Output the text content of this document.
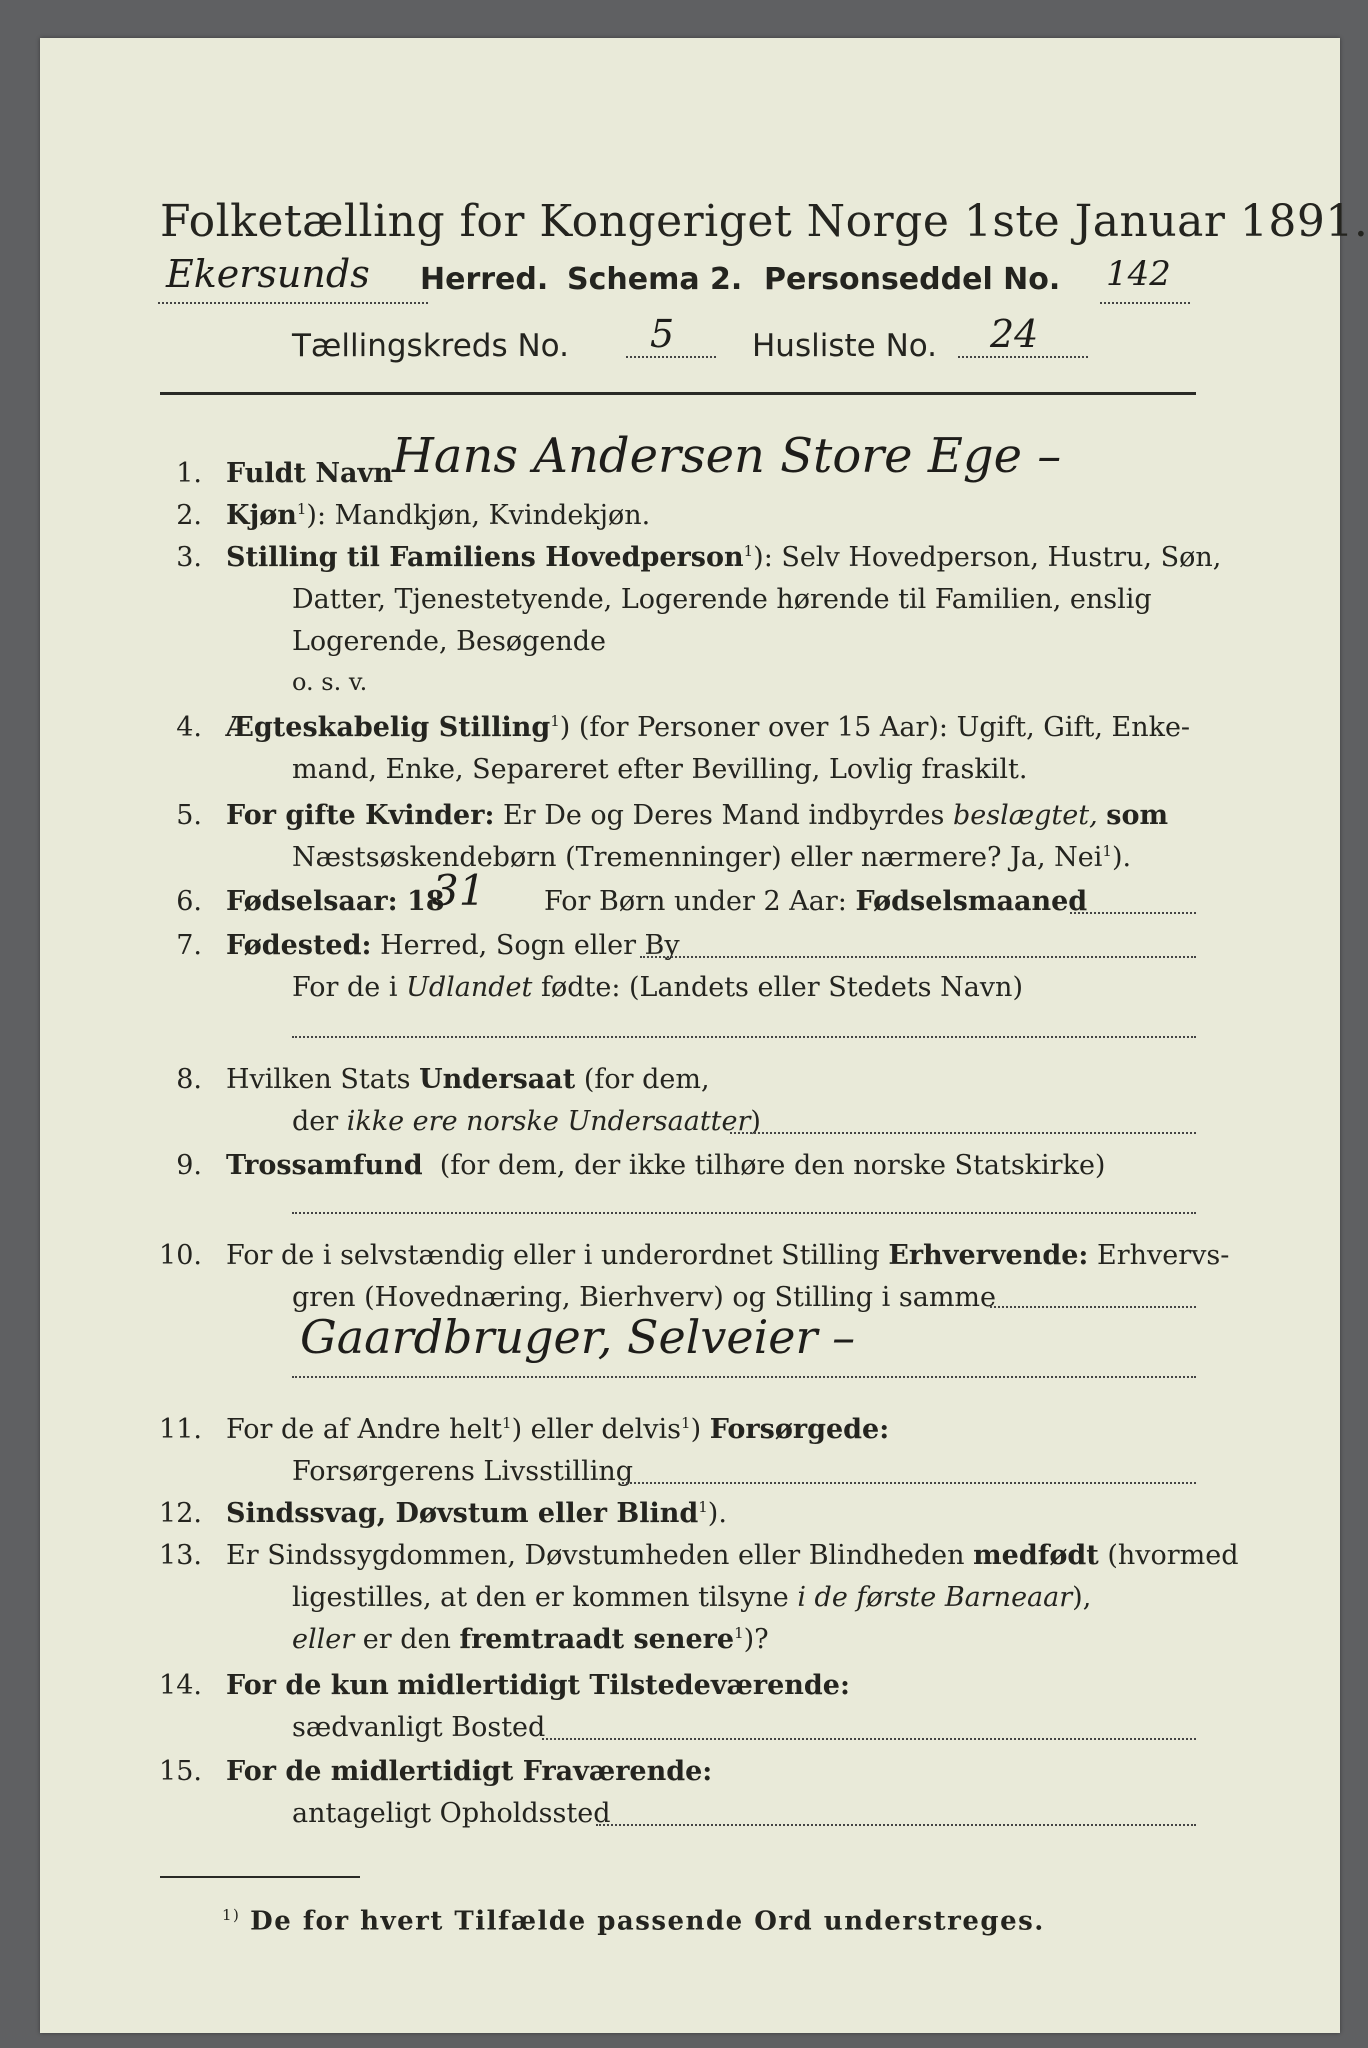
Folketælling for Kongeriget Norge 1ste Januar 1891.
Ekersunds Herred. Schema 2. Personseddel No. 142
Tællingskreds No. 5	Husliste No. 24
1. Fuldt Navn Hans Andersen Store Ege –
2. Kjøn$^1$): Mandkjøn, Kvindekjøn.
3. Stilling til Familiens Hovedperson$^1$): Selv Hovedperson, Hustru, Søn,
Datter, Tjenestetyende, Logerende hørende til Familien, enslig
Logerende, Besøgende
o. s. v.
4. Ægteskabelig Stilling$^1$) (for Personer over 15 Aar): Ugift, Gift, Enke-
mand, Enke, Separeret efter Bevilling, Lovlig fraskilt.
5. For gifte Kvinder: Er De og Deres Mand indbyrdes beslægtet, som
Næstsøskendebørn (Tremenninger) eller nærmere? Ja, Nei$^1$).
6. Fødselsaar: 18
31 For Børn under 2 Aar: Fødselsmaaned
7. Fødested: Herred, Sogn eller By
For de i Udlandet fødte: (Landets eller Stedets Navn)
8. Hvilken Stats Undersaat (for dem,
der ikke ere norske Undersaatter)
9. Trossamfund (for dem, der ikke tilhøre den norske Statskirke)
10. For de i selvstændig eller i underordnet Stilling Erhvervende: Erhvervs-
gren (Hovednæring, Bierhverv) og Stilling i samme
Gaardbruger, Selveier –
11. For de af Andre helt$^1$) eller delvis$^1$) Forsørgede:
Forsørgerens Livsstilling
12. Sindssvag, Døvstum eller Blind$^1$).
13. Er Sindssygdommen, Døvstumheden eller Blindheden medfødt (hvormed
ligestilles, at den er kommen tilsyne i de første Barneaar),
eller er den fremtraadt senere$^1$)?
14. For de kun midlertidigt Tilstedeværende:
sædvanligt Bosted
15. For de midlertidigt Fraværende:
antageligt Opholdssted
$^{1)}$ De for hvert Tilfælde passende Ord understreges.
